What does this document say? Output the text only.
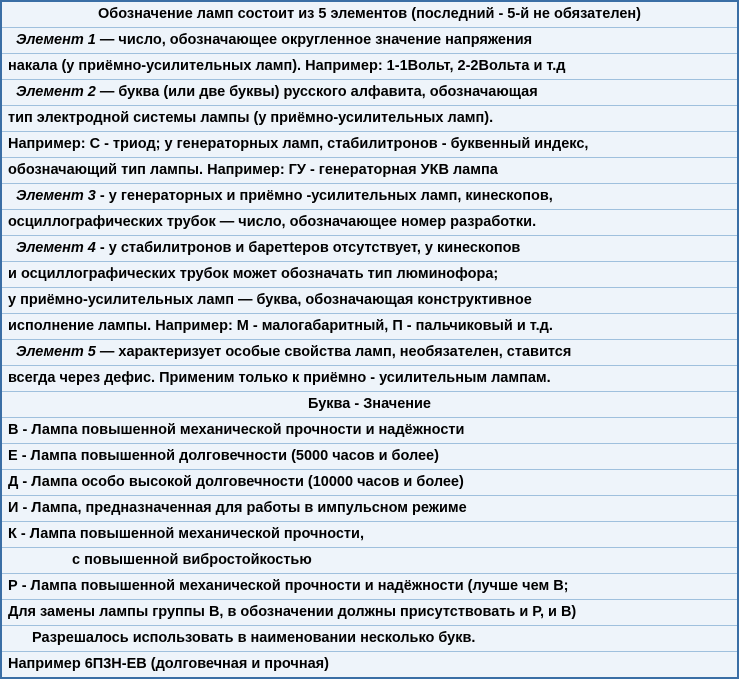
Обозначение ламп состоит из 5 элементов (последний - 5-й не обязателен)
Элемент 1 — число, обозначающее округленное значение напряжения
накала (у приёмно-усилительных ламп). Например: 1-1Вольт, 2-2Вольта и т.д
Элемент 2 — буква (или две буквы) русского алфавита, обозначающая
тип электродной системы лампы (у приёмно-усилительных ламп).
Например: С - триод; у генераторных ламп, стабилитронов - буквенный индекс,
обозначающий тип лампы. Например: ГУ - генераторная УКВ лампа
Элемент 3 - у генераторных и приёмно -усилительных ламп, кинескопов,
осциллографических трубок — число, обозначающее номер разработки.
Элемент 4 - у стабилитронов и баретteров отсутствует, у кинескопов
и осциллографических трубок может обозначать тип люминофора;
у приёмно-усилительных ламп — буква, обозначающая конструктивное
исполнение лампы. Например: М - малогабаритный, П - пальчиковый и т.д.
Элемент 5 — характеризует особые свойства ламп, необязателен, ставится
всегда через дефис. Применим только к приёмно - усилительным лампам.
Буква - Значение
В - Лампа повышенной механической прочности и надёжности
Е - Лампа повышенной долговечности (5000 часов и более)
Д - Лампа особо высокой долговечности (10000 часов и более)
И - Лампа, предназначенная для работы в импульсном режиме
К - Лампа повышенной механической прочности,
с повышенной вибростойкостью
Р - Лампа повышенной механической прочности и надёжности (лучше чем В;
Для замены лампы группы В, в обозначении должны присутствовать и Р, и В)
Разрешалось использовать в наименовании несколько букв.
Например 6П3Н-ЕВ (долговечная и прочная)
